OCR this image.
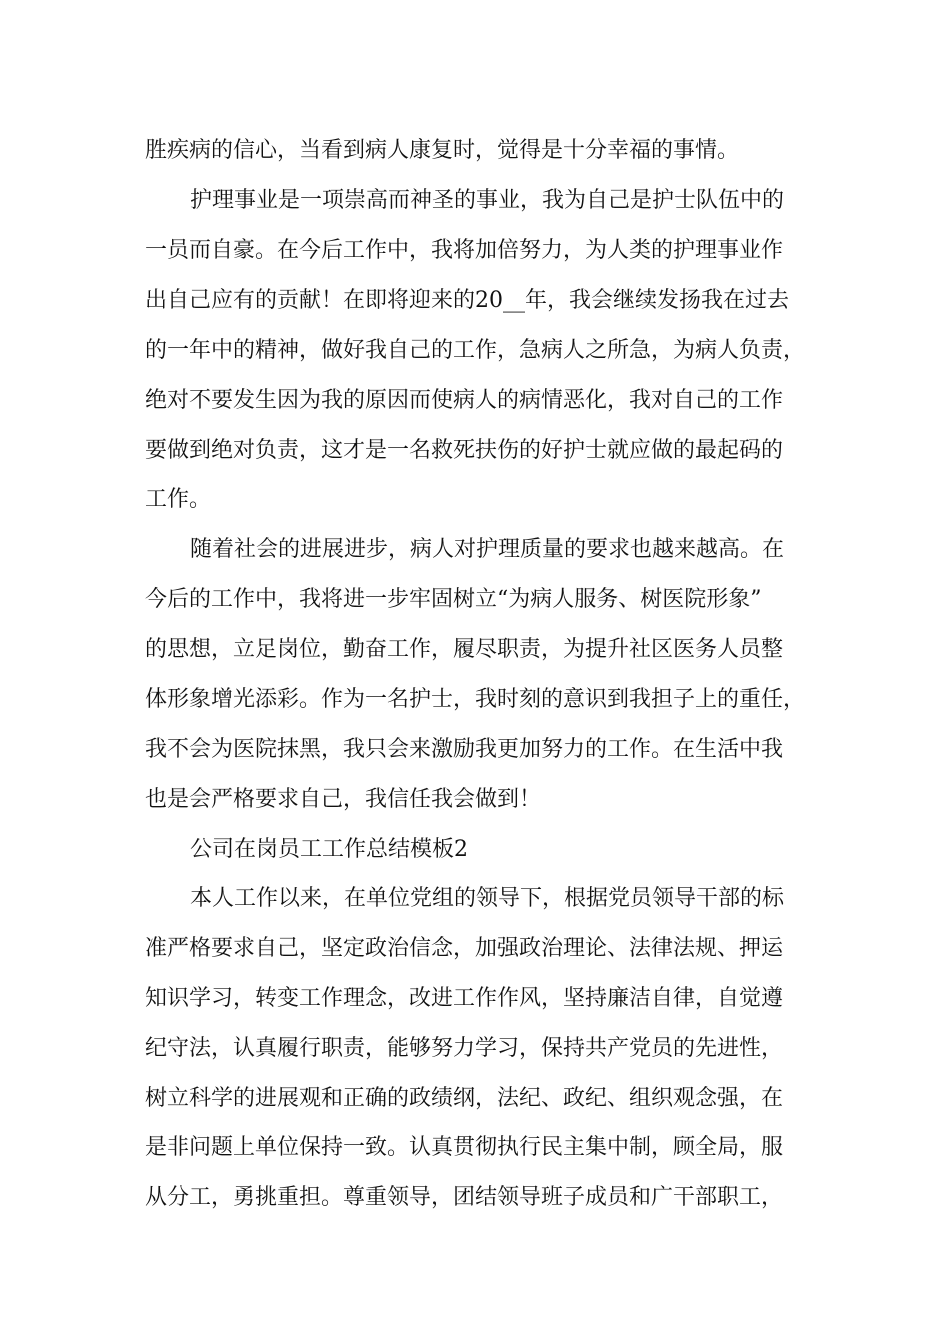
胜疾病的信心，当看到病人康复时，觉得是十分幸福的事情。
护理事业是一项崇高而神圣的事业，我为自己是护士队伍中的
一员而自豪。在今后工作中，我将加倍努力，为人类的护理事业作
出自己应有的贡献！在即将迎来的20__年，我会继续发扬我在过去
的一年中的精神，做好我自己的工作，急病人之所急，为病人负责，
绝对不要发生因为我的原因而使病人的病情恶化，我对自己的工作
要做到绝对负责，这才是一名救死扶伤的好护士就应做的最起码的
工作。
随着社会的进展进步，病人对护理质量的要求也越来越高。在
今后的工作中，我将进一步牢固树立“为病人服务、树医院形象”
的思想，立足岗位，勤奋工作，履尽职责，为提升社区医务人员整
体形象增光添彩。作为一名护士，我时刻的意识到我担子上的重任，
我不会为医院抹黑，我只会来激励我更加努力的工作。在生活中我
也是会严格要求自己，我信任我会做到！
公司在岗员工工作总结模板2
本人工作以来，在单位党组的领导下，根据党员领导干部的标
准严格要求自己，坚定政治信念，加强政治理论、法律法规、押运
知识学习，转变工作理念，改进工作作风，坚持廉洁自律，自觉遵
纪守法，认真履行职责，能够努力学习，保持共产党员的先进性，
树立科学的进展观和正确的政绩纲，法纪、政纪、组织观念强，在
是非问题上单位保持一致。认真贯彻执行民主集中制，顾全局，服
从分工，勇挑重担。尊重领导，团结领导班子成员和广干部职工，
